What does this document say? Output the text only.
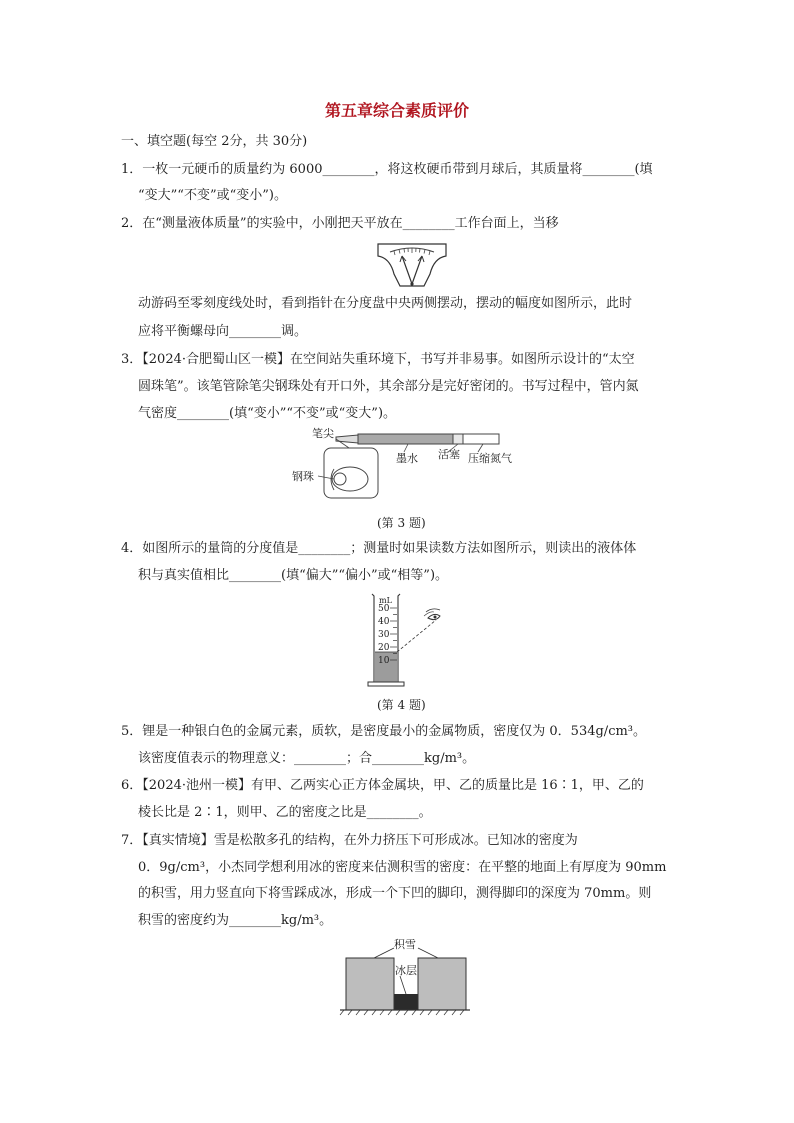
第五章综合素质评价
一、填空题(每空 2分，共 30分)
1．一枚一元硬币的质量约为 6000________，将这枚硬币带到月球后，其质量将________(填
“变大”“不变”或“变小”)。
2．在“测量液体质量”的实验中，小刚把天平放在________工作台面上，当移
动游码至零刻度线处时，看到指针在分度盘中央两侧摆动，摆动的幅度如图所示，此时
应将平衡螺母向________调。
3．【2024·合肥蜀山区一模】在空间站失重环境下，书写并非易事。如图所示设计的“太空
圆珠笔”。该笔管除笔尖钢珠处有开口外，其余部分是完好密闭的。书写过程中，管内氮
气密度________(填“变小”“不变”或“变大”)。
笔尖
墨水 活塞 压缩氮气
钢珠
(第 3 题)
4．如图所示的量筒的分度值是________；测量时如果读数方法如图所示，则读出的液体体
积与真实值相比________(填“偏大”“偏小”或“相等”)。
mL
50
40
30
20
10
(第 4 题)
5．锂是一种银白色的金属元素，质软，是密度最小的金属物质，密度仅为 0．534g/cm³。
该密度值表示的物理意义：________；合________kg/m³。
6．【2024·池州一模】有甲、乙两实心正方体金属块，甲、乙的质量比是 16∶1，甲、乙的
棱长比是 2∶1，则甲、乙的密度之比是________。
7．【真实情境】雪是松散多孔的结构，在外力挤压下可形成冰。已知冰的密度为
0．9g/cm³，小杰同学想利用冰的密度来估测积雪的密度：在平整的地面上有厚度为 90mm
的积雪，用力竖直向下将雪踩成冰，形成一个下凹的脚印，测得脚印的深度为 70mm。则
积雪的密度约为________kg/m³。
积雪
冰层
